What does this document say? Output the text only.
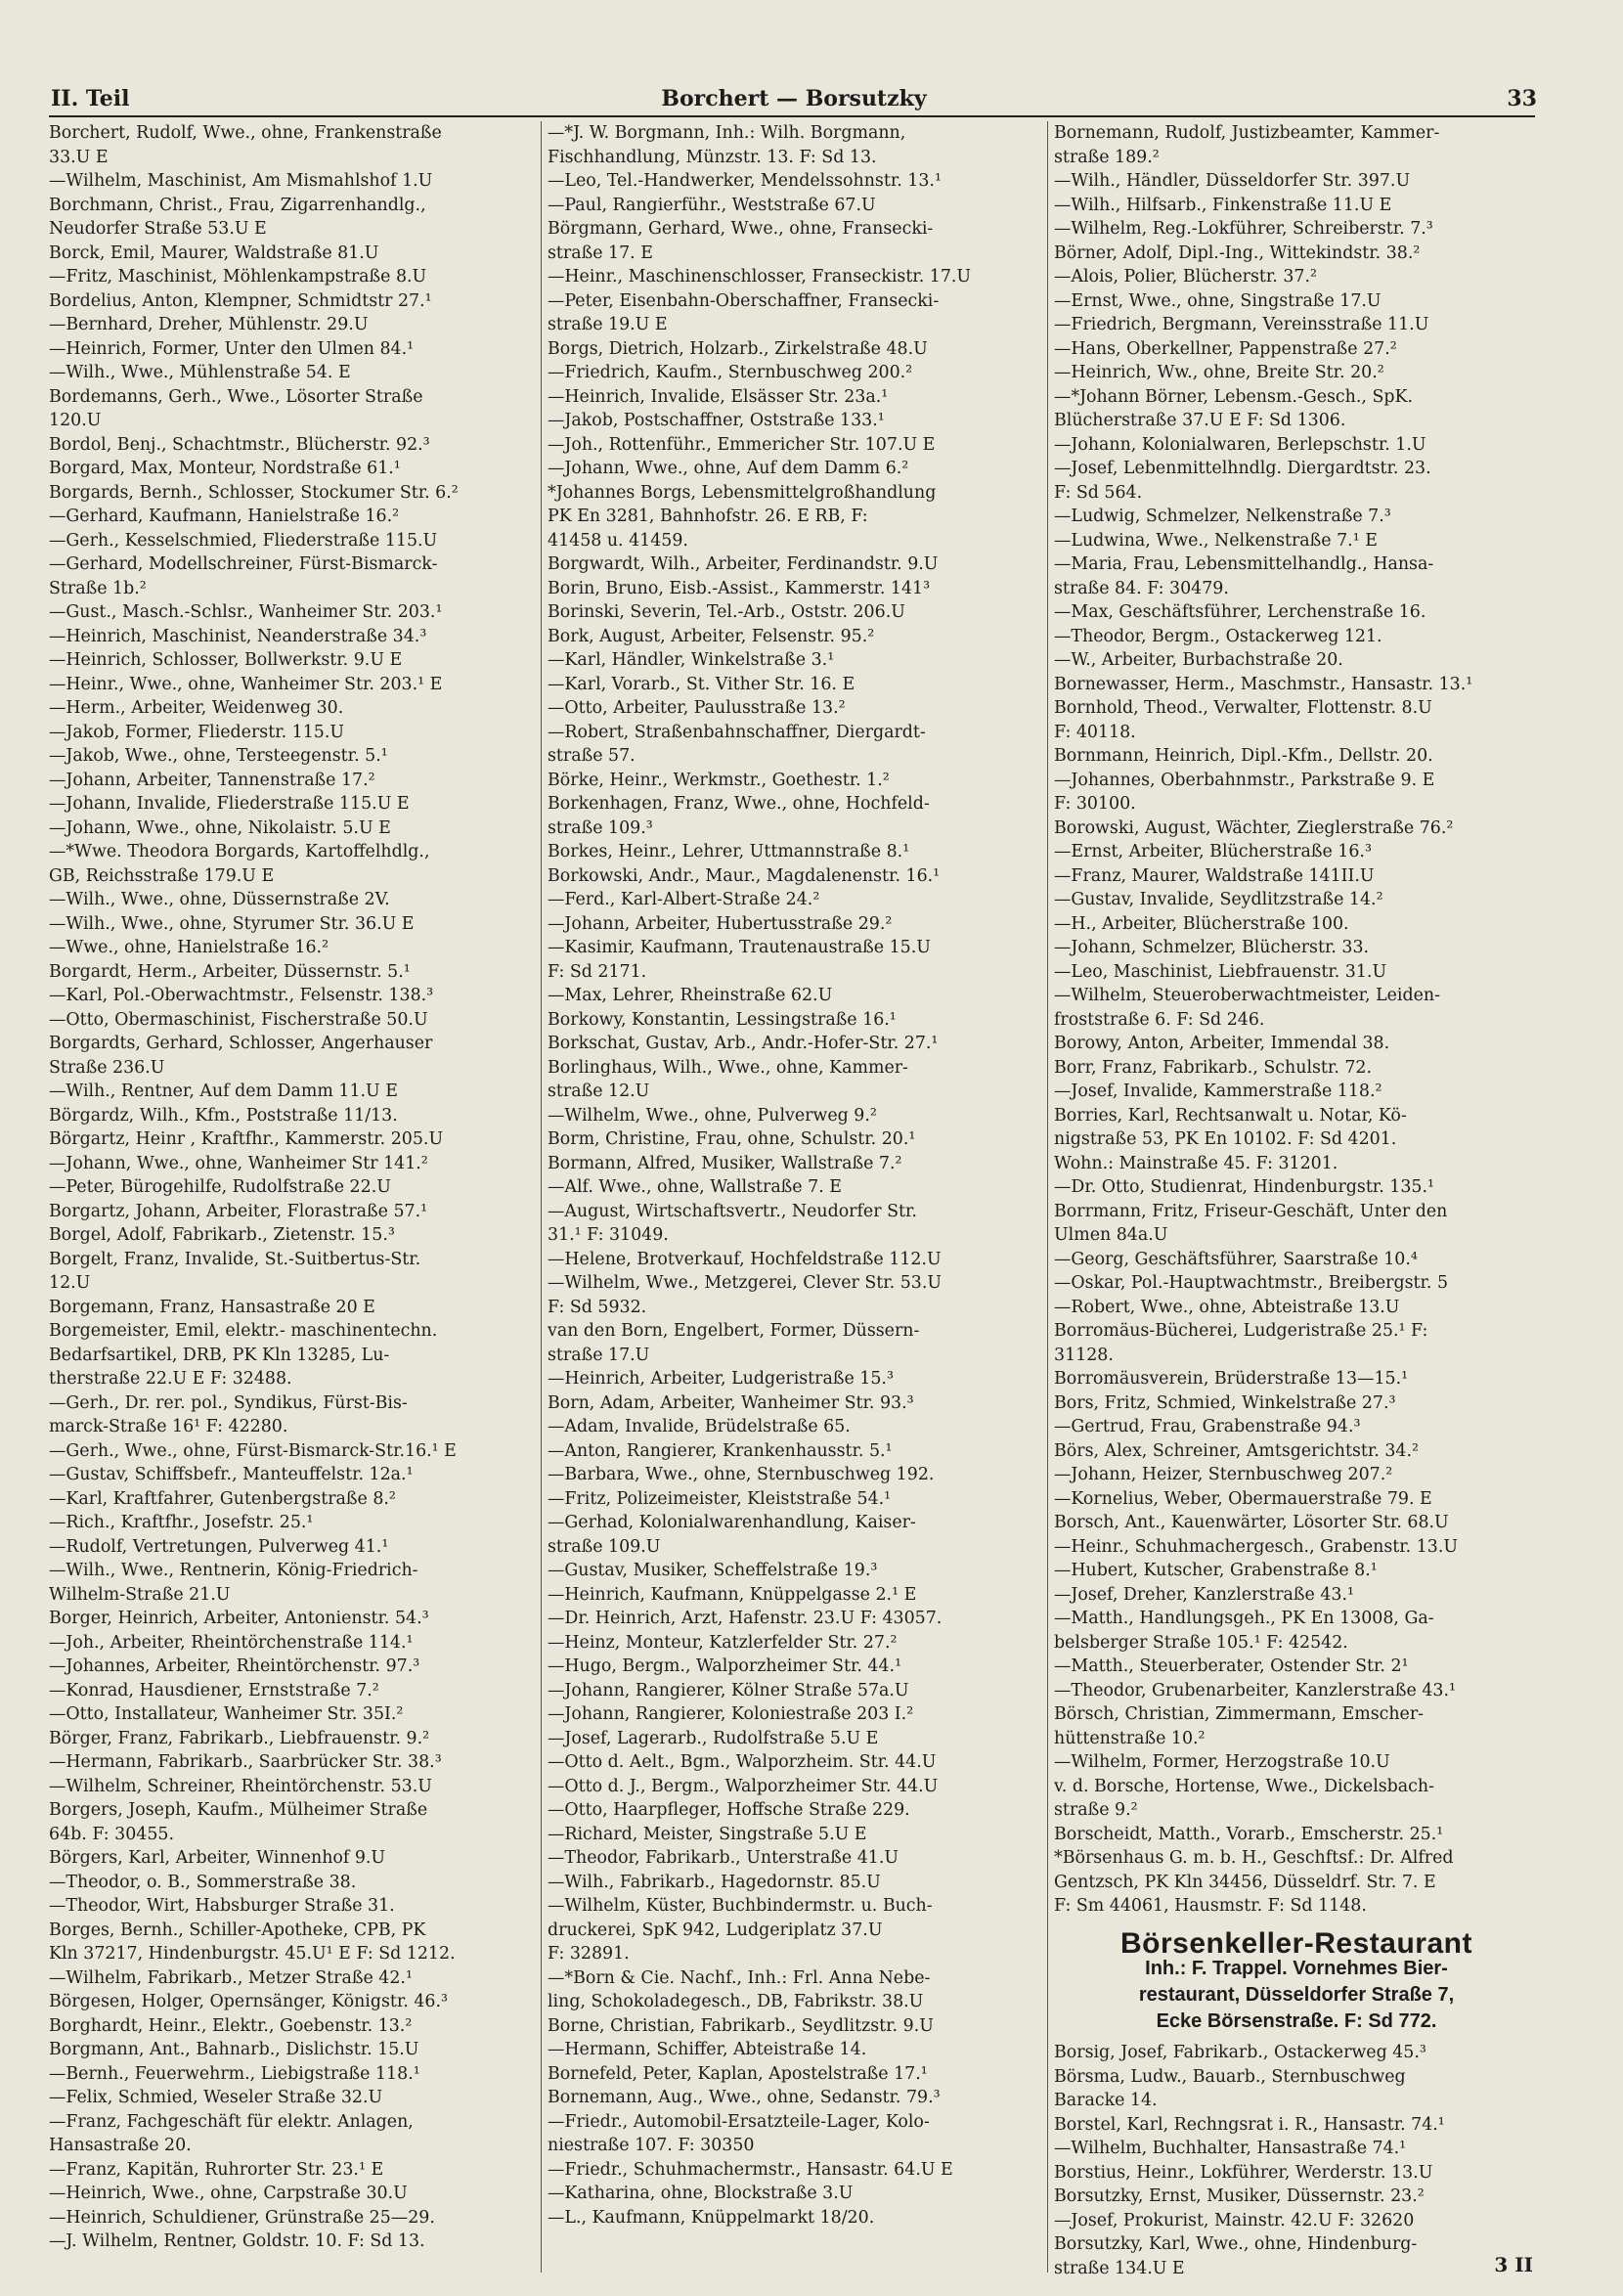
II. Teil	Borchert — Borsutzky	33
Borchert, Rudolf, Wwe., ohne, Frankenstraße
33.U E
—Wilhelm, Maschinist, Am Mismahlshof 1.U
Borchmann, Christ., Frau, Zigarrenhandlg.,
Neudorfer Straße 53.U E
Borck, Emil, Maurer, Waldstraße 81.U
—Fritz, Maschinist, Möhlenkampstraße 8.U
Bordelius, Anton, Klempner, Schmidtstr 27.¹
—Bernhard, Dreher, Mühlenstr. 29.U
—Heinrich, Former, Unter den Ulmen 84.¹
—Wilh., Wwe., Mühlenstraße 54. E
Bordemanns, Gerh., Wwe., Lösorter Straße
120.U
Bordol, Benj., Schachtmstr., Blücherstr. 92.³
Borgard, Max, Monteur, Nordstraße 61.¹
Borgards, Bernh., Schlosser, Stockumer Str. 6.²
—Gerhard, Kaufmann, Hanielstraße 16.²
—Gerh., Kesselschmied, Fliederstraße 115.U
—Gerhard, Modellschreiner, Fürst-Bismarck-
Straße 1b.²
—Gust., Masch.-Schlsr., Wanheimer Str. 203.¹
—Heinrich, Maschinist, Neanderstraße 34.³
—Heinrich, Schlosser, Bollwerkstr. 9.U E
—Heinr., Wwe., ohne, Wanheimer Str. 203.¹ E
—Herm., Arbeiter, Weidenweg 30.
—Jakob, Former, Fliederstr. 115.U
—Jakob, Wwe., ohne, Tersteegenstr. 5.¹
—Johann, Arbeiter, Tannenstraße 17.²
—Johann, Invalide, Fliederstraße 115.U E
—Johann, Wwe., ohne, Nikolaistr. 5.U E
—*Wwe. Theodora Borgards, Kartoffelhdlg.,
GB, Reichsstraße 179.U E
—Wilh., Wwe., ohne, Düssernstraße 2V.
—Wilh., Wwe., ohne, Styrumer Str. 36.U E
—Wwe., ohne, Hanielstraße 16.²
Borgardt, Herm., Arbeiter, Düssernstr. 5.¹
—Karl, Pol.-Oberwachtmstr., Felsenstr. 138.³
—Otto, Obermaschinist, Fischerstraße 50.U
Borgardts, Gerhard, Schlosser, Angerhauser
Straße 236.U
—Wilh., Rentner, Auf dem Damm 11.U E
Börgardz, Wilh., Kfm., Poststraße 11/13.
Börgartz, Heinr , Kraftfhr., Kammerstr. 205.U
—Johann, Wwe., ohne, Wanheimer Str 141.²
—Peter, Bürogehilfe, Rudolfstraße 22.U
Borgartz, Johann, Arbeiter, Florastraße 57.¹
Borgel, Adolf, Fabrikarb., Zietenstr. 15.³
Borgelt, Franz, Invalide, St.-Suitbertus-Str.
12.U
Borgemann, Franz, Hansastraße 20 E
Borgemeister, Emil, elektr.- maschinentechn.
Bedarfsartikel, DRB, PK Kln 13285, Lu-
therstraße 22.U E F: 32488.
—Gerh., Dr. rer. pol., Syndikus, Fürst-Bis-
marck-Straße 16¹ F: 42280.
—Gerh., Wwe., ohne, Fürst-Bismarck-Str.16.¹ E
—Gustav, Schiffsbefr., Manteuffelstr. 12a.¹
—Karl, Kraftfahrer, Gutenbergstraße 8.²
—Rich., Kraftfhr., Josefstr. 25.¹
—Rudolf, Vertretungen, Pulverweg 41.¹
—Wilh., Wwe., Rentnerin, König-Friedrich-
Wilhelm-Straße 21.U
Borger, Heinrich, Arbeiter, Antonienstr. 54.³
—Joh., Arbeiter, Rheintörchenstraße 114.¹
—Johannes, Arbeiter, Rheintörchenstr. 97.³
—Konrad, Hausdiener, Ernststraße 7.²
—Otto, Installateur, Wanheimer Str. 35I.²
Börger, Franz, Fabrikarb., Liebfrauenstr. 9.²
—Hermann, Fabrikarb., Saarbrücker Str. 38.³
—Wilhelm, Schreiner, Rheintörchenstr. 53.U
Borgers, Joseph, Kaufm., Mülheimer Straße
64b. F: 30455.
Börgers, Karl, Arbeiter, Winnenhof 9.U
—Theodor, o. B., Sommerstraße 38.
—Theodor, Wirt, Habsburger Straße 31.
Borges, Bernh., Schiller-Apotheke, CPB, PK
Kln 37217, Hindenburgstr. 45.U¹ E F: Sd 1212.
—Wilhelm, Fabrikarb., Metzer Straße 42.¹
Börgesen, Holger, Opernsänger, Königstr. 46.³
Borghardt, Heinr., Elektr., Goebenstr. 13.²
Borgmann, Ant., Bahnarb., Dislichstr. 15.U
—Bernh., Feuerwehrm., Liebigstraße 118.¹
—Felix, Schmied, Weseler Straße 32.U
—Franz, Fachgeschäft für elektr. Anlagen,
Hansastraße 20.
—Franz, Kapitän, Ruhrorter Str. 23.¹ E
—Heinrich, Wwe., ohne, Carpstraße 30.U
—Heinrich, Schuldiener, Grünstraße 25—29.
—J. Wilhelm, Rentner, Goldstr. 10. F: Sd 13.
—*J. W. Borgmann, Inh.: Wilh. Borgmann,
Fischhandlung, Münzstr. 13. F: Sd 13.
—Leo, Tel.-Handwerker, Mendelssohnstr. 13.¹
—Paul, Rangierführ., Weststraße 67.U
Börgmann, Gerhard, Wwe., ohne, Fransecki-
straße 17. E
—Heinr., Maschinenschlosser, Franseckistr. 17.U
—Peter, Eisenbahn-Oberschaffner, Fransecki-
straße 19.U E
Borgs, Dietrich, Holzarb., Zirkelstraße 48.U
—Friedrich, Kaufm., Sternbuschweg 200.²
—Heinrich, Invalide, Elsässer Str. 23a.¹
—Jakob, Postschaffner, Oststraße 133.¹
—Joh., Rottenführ., Emmericher Str. 107.U E
—Johann, Wwe., ohne, Auf dem Damm 6.²
*Johannes Borgs, Lebensmittelgroßhandlung
PK En 3281, Bahnhofstr. 26. E RB, F:
41458 u. 41459.
Borgwardt, Wilh., Arbeiter, Ferdinandstr. 9.U
Borin, Bruno, Eisb.-Assist., Kammerstr. 141³
Borinski, Severin, Tel.-Arb., Oststr. 206.U
Bork, August, Arbeiter, Felsenstr. 95.²
—Karl, Händler, Winkelstraße 3.¹
—Karl, Vorarb., St. Vither Str. 16. E
—Otto, Arbeiter, Paulusstraße 13.²
—Robert, Straßenbahnschaffner, Diergardt-
straße 57.
Börke, Heinr., Werkmstr., Goethestr. 1.²
Borkenhagen, Franz, Wwe., ohne, Hochfeld-
straße 109.³
Borkes, Heinr., Lehrer, Uttmannstraße 8.¹
Borkowski, Andr., Maur., Magdalenenstr. 16.¹
—Ferd., Karl-Albert-Straße 24.²
—Johann, Arbeiter, Hubertusstraße 29.²
—Kasimir, Kaufmann, Trautenaustraße 15.U
F: Sd 2171.
—Max, Lehrer, Rheinstraße 62.U
Borkowy, Konstantin, Lessingstraße 16.¹
Borkschat, Gustav, Arb., Andr.-Hofer-Str. 27.¹
Borlinghaus, Wilh., Wwe., ohne, Kammer-
straße 12.U
—Wilhelm, Wwe., ohne, Pulverweg 9.²
Borm, Christine, Frau, ohne, Schulstr. 20.¹
Bormann, Alfred, Musiker, Wallstraße 7.²
—Alf. Wwe., ohne, Wallstraße 7. E
—August, Wirtschaftsvertr., Neudorfer Str.
31.¹ F: 31049.
—Helene, Brotverkauf, Hochfeldstraße 112.U
—Wilhelm, Wwe., Metzgerei, Clever Str. 53.U
F: Sd 5932.
van den Born, Engelbert, Former, Düssern-
straße 17.U
—Heinrich, Arbeiter, Ludgeristraße 15.³
Born, Adam, Arbeiter, Wanheimer Str. 93.³
—Adam, Invalide, Brüdelstraße 65.
—Anton, Rangierer, Krankenhausstr. 5.¹
—Barbara, Wwe., ohne, Sternbuschweg 192.
—Fritz, Polizeimeister, Kleiststraße 54.¹
—Gerhad, Kolonialwarenhandlung, Kaiser-
straße 109.U
—Gustav, Musiker, Scheffelstraße 19.³
—Heinrich, Kaufmann, Knüppelgasse 2.¹ E
—Dr. Heinrich, Arzt, Hafenstr. 23.U F: 43057.
—Heinz, Monteur, Katzlerfelder Str. 27.²
—Hugo, Bergm., Walporzheimer Str. 44.¹
—Johann, Rangierer, Kölner Straße 57a.U
—Johann, Rangierer, Koloniestraße 203 I.²
—Josef, Lagerarb., Rudolfstraße 5.U E
—Otto d. Aelt., Bgm., Walporzheim. Str. 44.U
—Otto d. J., Bergm., Walporzheimer Str. 44.U
—Otto, Haarpfleger, Hoffsche Straße 229.
—Richard, Meister, Singstraße 5.U E
—Theodor, Fabrikarb., Unterstraße 41.U
—Wilh., Fabrikarb., Hagedornstr. 85.U
—Wilhelm, Küster, Buchbindermstr. u. Buch-
druckerei, SpK 942, Ludgeriplatz 37.U
F: 32891.
—*Born & Cie. Nachf., Inh.: Frl. Anna Nebe-
ling, Schokoladegesch., DB, Fabrikstr. 38.U
Borne, Christian, Fabrikarb., Seydlitzstr. 9.U
—Hermann, Schiffer, Abteistraße 14.
Bornefeld, Peter, Kaplan, Apostelstraße 17.¹
Bornemann, Aug., Wwe., ohne, Sedanstr. 79.³
—Friedr., Automobil-Ersatzteile-Lager, Kolo-
niestraße 107. F: 30350
—Friedr., Schuhmachermstr., Hansastr. 64.U E
—Katharina, ohne, Blockstraße 3.U
—L., Kaufmann, Knüppelmarkt 18/20.
Bornemann, Rudolf, Justizbeamter, Kammer-
straße 189.²
—Wilh., Händler, Düsseldorfer Str. 397.U
—Wilh., Hilfsarb., Finkenstraße 11.U E
—Wilhelm, Reg.-Lokführer, Schreiberstr. 7.³
Börner, Adolf, Dipl.-Ing., Wittekindstr. 38.²
—Alois, Polier, Blücherstr. 37.²
—Ernst, Wwe., ohne, Singstraße 17.U
—Friedrich, Bergmann, Vereinsstraße 11.U
—Hans, Oberkellner, Pappenstraße 27.²
—Heinrich, Ww., ohne, Breite Str. 20.²
—*Johann Börner, Lebensm.-Gesch., SpK.
Blücherstraße 37.U E F: Sd 1306.
—Johann, Kolonialwaren, Berlepschstr. 1.U
—Josef, Lebenmittelhndlg. Diergardtstr. 23.
F: Sd 564.
—Ludwig, Schmelzer, Nelkenstraße 7.³
—Ludwina, Wwe., Nelkenstraße 7.¹ E
—Maria, Frau, Lebensmittelhandlg., Hansa-
straße 84. F: 30479.
—Max, Geschäftsführer, Lerchenstraße 16.
—Theodor, Bergm., Ostackerweg 121.
—W., Arbeiter, Burbachstraße 20.
Bornewasser, Herm., Maschmstr., Hansastr. 13.¹
Bornhold, Theod., Verwalter, Flottenstr. 8.U
F: 40118.
Bornmann, Heinrich, Dipl.-Kfm., Dellstr. 20.
—Johannes, Oberbahnmstr., Parkstraße 9. E
F: 30100.
Borowski, August, Wächter, Zieglerstraße 76.²
—Ernst, Arbeiter, Blücherstraße 16.³
—Franz, Maurer, Waldstraße 141II.U
—Gustav, Invalide, Seydlitzstraße 14.²
—H., Arbeiter, Blücherstraße 100.
—Johann, Schmelzer, Blücherstr. 33.
—Leo, Maschinist, Liebfrauenstr. 31.U
—Wilhelm, Steueroberwachtmeister, Leiden-
froststraße 6. F: Sd 246.
Borowy, Anton, Arbeiter, Immendal 38.
Borr, Franz, Fabrikarb., Schulstr. 72.
—Josef, Invalide, Kammerstraße 118.²
Borries, Karl, Rechtsanwalt u. Notar, Kö-
nigstraße 53, PK En 10102. F: Sd 4201.
Wohn.: Mainstraße 45. F: 31201.
—Dr. Otto, Studienrat, Hindenburgstr. 135.¹
Borrmann, Fritz, Friseur-Geschäft, Unter den
Ulmen 84a.U
—Georg, Geschäftsführer, Saarstraße 10.⁴
—Oskar, Pol.-Hauptwachtmstr., Breibergstr. 5
—Robert, Wwe., ohne, Abteistraße 13.U
Borromäus-Bücherei, Ludgeristraße 25.¹ F:
31128.
Borromäusverein, Brüderstraße 13—15.¹
Bors, Fritz, Schmied, Winkelstraße 27.³
—Gertrud, Frau, Grabenstraße 94.³
Börs, Alex, Schreiner, Amtsgerichtstr. 34.²
—Johann, Heizer, Sternbuschweg 207.²
—Kornelius, Weber, Obermauerstraße 79. E
Borsch, Ant., Kauenwärter, Lösorter Str. 68.U
—Heinr., Schuhmachergesch., Grabenstr. 13.U
—Hubert, Kutscher, Grabenstraße 8.¹
—Josef, Dreher, Kanzlerstraße 43.¹
—Matth., Handlungsgeh., PK En 13008, Ga-
belsberger Straße 105.¹ F: 42542.
—Matth., Steuerberater, Ostender Str. 2¹
—Theodor, Grubenarbeiter, Kanzlerstraße 43.¹
Börsch, Christian, Zimmermann, Emscher-
hüttenstraße 10.²
—Wilhelm, Former, Herzogstraße 10.U
v. d. Borsche, Hortense, Wwe., Dickelsbach-
straße 9.²
Borscheidt, Matth., Vorarb., Emscherstr. 25.¹
*Börsenhaus G. m. b. H., Geschftsf.: Dr. Alfred
Gentzsch, PK Kln 34456, Düsseldrf. Str. 7. E
F: Sm 44061, Hausmstr. F: Sd 1148.
Börsenkeller-Restaurant
Inh.: F. Trappel. Vornehmes Bier-
restaurant, Düsseldorfer Straße 7,
Ecke Börsenstraße. F: Sd 772.
Borsig, Josef, Fabrikarb., Ostackerweg 45.³
Börsma, Ludw., Bauarb., Sternbuschweg
Baracke 14.
Borstel, Karl, Rechngsrat i. R., Hansastr. 74.¹
—Wilhelm, Buchhalter, Hansastraße 74.¹
Borstius, Heinr., Lokführer, Werderstr. 13.U
Borsutzky, Ernst, Musiker, Düssernstr. 23.²
—Josef, Prokurist, Mainstr. 42.U F: 32620
Borsutzky, Karl, Wwe., ohne, Hindenburg-
straße 134.U E	3 II
